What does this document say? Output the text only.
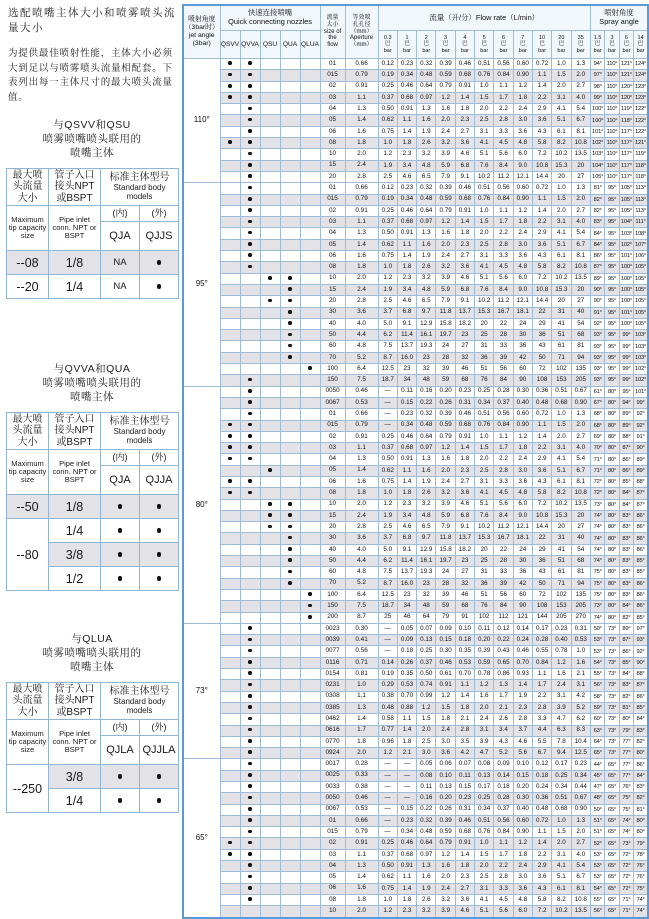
选配喷嘴主体大小和喷雾喷头流量大小
为提供最佳喷射性能，主体大小必须大到足以与喷雾喷头流量相配套。下表列出每一主体尺寸的最大喷头流量值。
与QSVV和QSU
喷雾喷嘴喷头联用的
喷嘴主体
最大喷头流量大小	管子入口接头NPT或BSPT	标准主体型号
Standard body models	

Maximum tip capacity size	Pipe inlet conn. NPT or BSPT	(内)	(外)
		QJA	QJJS
--08	1/8	NA	
--20	1/4	NA	
与QVVA和QUA
喷雾喷嘴喷头联用的
喷嘴主体
最大喷头流量大小	管子入口接头NPT或BSPT	标准主体型号
Standard body models	

Maximum tip capacity size	Pipe inlet conn. NPT or BSPT	(内)	(外)
		QJA	QJJA
--50	1/8		
--80	1/4		
	3/8		
	1/2		
与QLUA
喷雾喷嘴喷头联用的
喷嘴主体
最大喷头流量大小	管子入口接头NPT或BSPT	标准主体型号
Standard body models	

Maximum tip capacity size	Pipe inlet conn. NPT or BSPT	(内)	(外)
		QJLA	QJJLA
--250	3/8		
	1/4		
喷射角度
（3bar时）
jet angle
(3bar)	快速连接喷嘴
Quick connecting nozzles					流量
大小
size of
the
flow	等效喷
孔孔径
（mm）
Aperture
（mm）	流量（升/分）Flow rate（L/min）											喷射角度
Spray angle			
	QSVV	QVVA	QSU	QUA	QLUA			0.3
巴
bar	1
巴
bar	2
巴
bar	3
巴
bar	4
巴
bar	5
巴
bar	6
巴
bar	7
巴
bar	10
巴
bar	20
巴
bar	35
巴
bar	1.5
巴
bar	3
巴
bar	6
巴
bar	14
巴
bar
110°						01	0.66	0.12	0.23	0.32	0.39	0.46	0.51	0.56	0.60	0.72	1.0	1.3	94°	110°	121°	124°
						015	0.79	0.19	0.34	0.48	0.59	0.68	0.76	0.84	0.90	1.1	1.5	2.0	97°	110°	121°	124°
						02	0.91	0.25	0.46	0.64	0.79	0.91	1.0	1.1	1.2	1.4	2.0	2.7	98°	110°	120°	123°
						03	1.1	0.37	0.68	0.97	1.2	1.4	1.5	1.7	1.8	2.2	3.1	4.0	99°	110°	120°	123°
						04	1.3	0.50	0.91	1.3	1.6	1.8	2.0	2.2	2.4	2.9	4.1	5.4	100°	110°	119°	122°
						05	1.4	0.62	1.1	1.6	2.0	2.3	2.5	2.8	3.0	3.6	5.1	6.7	100°	110°	118°	122°
						06	1.6	0.75	1.4	1.9	2.4	2.7	3.1	3.3	3.6	4.3	6.1	8.1	101°	110°	117°	122°
						08	1.8	1.0	1.8	2.6	3.2	3.6	4.1	4.5	4.8	5.8	8.2	10.8	102°	110°	117°	121°
						10	2.0	1.2	2.3	3.2	3.9	4.6	5.1	5.6	6.0	7.2	10.2	13.5	103°	110°	117°	119°
						15	2.4	1.9	3.4	4.8	5.9	6.8	7.6	8.4	9.0	10.8	15.3	20	104°	110°	117°	118°
						20	2.8	2.5	4.6	6.5	7.9	9.1	10.2	11.2	12.1	14.4	20	27	105°	110°	117°	118°
95°						01	0.66	0.12	0.23	0.32	0.39	0.46	0.51	0.56	0.60	0.72	1.0	1.3	81°	95°	105°	113°
						015	0.79	0.19	0.34	0.48	0.59	0.68	0.76	0.84	0.90	1.1	1.5	2.0	82°	95°	105°	113°
						02	0.91	0.25	0.46	0.64	0.79	0.91	1.0	1.1	1.2	1.4	2.0	2.7	82°	95°	105°	113°
						03	1.1	0.37	0.68	0.97	1.2	1.4	1.5	1.7	1.8	2.2	3.1	4.0	83°	95°	104°	111°
						04	1.3	0.50	0.91	1.3	1.6	1.8	2.0	2.2	2.4	2.9	4.1	5.4	84°	95°	103°	108°
						05	1.4	0.62	1.1	1.6	2.0	2.3	2.5	2.8	3.0	3.6	5.1	6.7	84°	95°	102°	107°
						06	1.6	0.75	1.4	1.9	2.4	2.7	3.1	3.3	3.6	4.3	6.1	8.1	86°	95°	101°	106°
						08	1.8	1.0	1.8	2.6	3.2	3.6	4.1	4.5	4.8	5.8	8.2	10.8	87°	95°	100°	105°
						10	2.0	1.2	2.3	3.2	3.9	4.6	5.1	5.6	6.0	7.2	10.2	13.5	89°	95°	100°	105°
						15	2.4	1.9	3.4	4.8	5.9	6.8	7.6	8.4	9.0	10.8	15.3	20	90°	95°	100°	105°
						20	2.8	2.5	4.6	6.5	7.9	9.1	10.2	11.2	12.1	14.4	20	27	90°	95°	100°	105°
						30	3.6	3.7	6.8	9.7	11.8	13.7	15.3	16.7	18.1	22	31	40	91°	95°	101°	105°
						40	4.0	5.0	9.1	12.9	15.8	18.2	20	22	24	29	41	54	92°	95°	100°	105°
						50	4.4	6.2	11.4	16.1	19.7	23	25	28	30	36	51	68	93°	95°	99°	103°
						60	4.8	7.5	13.7	19.3	24	27	31	33	36	43	61	81	93°	95°	99°	103°
						70	5.2	8.7	16.0	23	28	32	36	39	42	50	71	94	93°	95°	99°	103°
						100	6.4	12.5	23	32	39	46	51	56	60	72	102	135	93°	95°	99°	102°
						150	7.5	18.7	34	48	59	68	76	84	90	108	153	205	93°	95°	99°	102°
80°						0050	0.46	—	0.11	0.16	0.20	0.23	0.25	0.28	0.30	0.36	0.51	0.67	61°	80°	95°	101°
						0067	0.53	—	0.15	0.22	0.26	0.31	0.34	0.37	0.40	0.48	0.68	0.90	67°	80°	94°	99°
						01	0.66	—	0.23	0.32	0.39	0.46	0.51	0.56	0.60	0.72	1.0	1.3	68°	80°	89°	92°
						015	0.79	—	0.34	0.48	0.59	0.68	0.76	0.84	0.90	1.1	1.5	2.0	68°	80°	89°	92°
						02	0.91	0.25	0.46	0.64	0.79	0.91	1.0	1.1	1.2	1.4	2.0	2.7	69°	80°	88°	91°
						03	1.1	0.37	0.68	0.97	1.2	1.4	1.5	1.7	1.8	2.2	3.1	4.0	70°	80°	87°	90°
						04	1.3	0.50	0.91	1.3	1.6	1.8	2.0	2.2	2.4	2.9	4.1	5.4	71°	80°	86°	89°
						05	1.4	0.62	1.1	1.6	2.0	2.3	2.5	2.8	3.0	3.6	5.1	6.7	71°	80°	86°	89°
						06	1.6	0.75	1.4	1.9	2.4	2.7	3.1	3.3	3.6	4.3	6.1	8.1	72°	80°	85°	88°
						08	1.8	1.0	1.8	2.6	3.2	3.6	4.1	4.5	4.8	5.8	8.2	10.8	72°	80°	84°	87°
						10	2.0	1.2	2.3	3.2	3.9	4.6	5.1	5.6	6.0	7.2	10.2	13.5	73°	80°	84°	87°
						15	2.4	1.9	3.4	4.8	5.9	6.8	7.6	8.4	9.0	10.8	15.3	20	74°	80°	83°	86°
						20	2.8	2.5	4.6	6.5	7.9	9.1	10.2	11.2	12.1	14.4	20	27	74°	80°	83°	86°
						30	3.6	3.7	6.8	9.7	11.8	13.7	15.3	16.7	18.1	22	31	40	74°	80°	83°	86°
						40	4.0	5.0	9.1	12.9	15.8	18.2	20	22	24	29	41	54	74°	80°	83°	86°
						50	4.4	6.2	11.4	16.1	19.7	23	25	28	30	36	51	68	74°	80°	83°	85°
						60	4.8	7.5	13.7	19.3	24	27	31	33	36	43	61	81	75°	80°	83°	85°
						70	5.2	8.7	16.0	23	28	32	36	39	42	50	71	94	75°	80°	83°	86°
						100	6.4	12.5	23	32	39	46	51	56	60	72	102	135	75°	80°	83°	86°
						150	7.5	18.7	34	48	59	68	76	84	90	108	153	205	73°	80°	84°	86°
						200	8.7	25	46	64	79	91	102	112	121	144	205	270	74°	80°	82°	85°
73°						0023	0.30	—	0.05	0.07	0.09	0.10	0.11	0.12	0.14	0.17	0.23	0.31	50°	73°	89°	97°
						0039	0.41	—	0.09	0.13	0.15	0.18	0.20	0.22	0.24	0.28	0.40	0.53	53°	73°	87°	93°
						0077	0.56	—	0.18	0.25	0.30	0.35	0.39	0.43	0.46	0.55	0.78	1.0	53°	73°	86°	92°
						0116	0.71	0.14	0.26	0.37	0.46	0.53	0.59	0.65	0.70	0.84	1.2	1.6	54°	73°	85°	90°
						0154	0.81	0.19	0.35	0.50	0.61	0.70	0.78	0.86	0.93	1.1	1.6	2.1	55°	73°	84°	88°
						0231	1.0	0.29	0.53	0.74	0.91	1.1	1.2	1.3	1.4	1.7	2.4	3.1	56°	73°	83°	87°
						0308	1.1	0.38	0.70	0.99	1.2	1.4	1.6	1.7	1.9	2.2	3.1	4.2	58°	73°	82°	86°
						0385	1.3	0.48	0.88	1.2	1.5	1.8	2.0	2.1	2.3	2.8	3.9	5.2	59°	73°	81°	85°
						0462	1.4	0.58	1.1	1.5	1.8	2.1	2.4	2.6	2.8	3.3	4.7	6.2	60°	73°	80°	84°
						0616	1.7	0.77	1.4	2.0	2.4	2.8	3.1	3.4	3.7	4.4	6.3	8.3	63°	73°	79°	83°
						0770	1.8	0.96	1.8	2.5	3.0	3.5	3.9	4.3	4.6	5.5	7.8	10.4	64°	73°	77°	82°
						0924	2.0	1.2	2.1	3.0	3.6	4.2	4.7	5.2	5.6	6.7	9.4	12.5	65°	73°	77°	80°
65°						0017	0.28	—	—	0.05	0.06	0.07	0.08	0.09	0.10	0.12	0.17	0.23	44°	65°	77°	86°
						0025	0.33	—	—	0.08	0.10	0.11	0.13	0.14	0.15	0.18	0.25	0.34	45°	65°	77°	84°
						0033	0.38	—	—	0.11	0.13	0.15	0.17	0.18	0.20	0.24	0.34	0.44	47°	65°	76°	83°
						0050	0.46	—	—	0.16	0.20	0.23	0.25	0.28	0.30	0.36	0.51	0.67	48°	65°	75°	82°
						0067	0.53	—	0.15	0.22	0.26	0.31	0.34	0.37	0.40	0.48	0.68	0.90	50°	65°	75°	81°
						01	0.66	—	0.23	0.32	0.39	0.46	0.51	0.56	0.60	0.72	1.0	1.3	51°	65°	74°	80°
						015	0.79	—	0.34	0.48	0.59	0.68	0.76	0.84	0.90	1.1	1.5	2.0	51°	65°	74°	80°
						02	0.91	0.25	0.46	0.64	0.79	0.91	1.0	1.1	1.2	1.4	2.0	2.7	52°	65°	73°	79°
						03	1.1	0.37	0.68	0.97	1.2	1.4	1.5	1.7	1.8	2.2	3.1	4.0	53°	65°	72°	78°
						04	1.3	0.50	0.91	1.3	1.6	1.8	2.0	2.2	2.4	2.9	4.1	5.4	53°	65°	72°	76°
						05	1.4	0.62	1.1	1.6	2.0	2.3	2.5	2.8	3.0	3.6	5.1	6.7	53°	65°	72°	76°
						06	1.6	0.75	1.4	1.9	2.4	2.7	3.1	3.3	3.6	4.3	6.1	8.1	54°	65°	72°	75°
						08	1.8	1.0	1.8	2.6	3.2	3.6	4.1	4.5	4.8	5.8	8.2	10.8	55°	65°	71°	74°
						10	2.0	1.2	2.3	3.2	3.9	4.6	5.1	5.6	6.0	7.2	10.2	13.5	56°	65°	71°	74°
